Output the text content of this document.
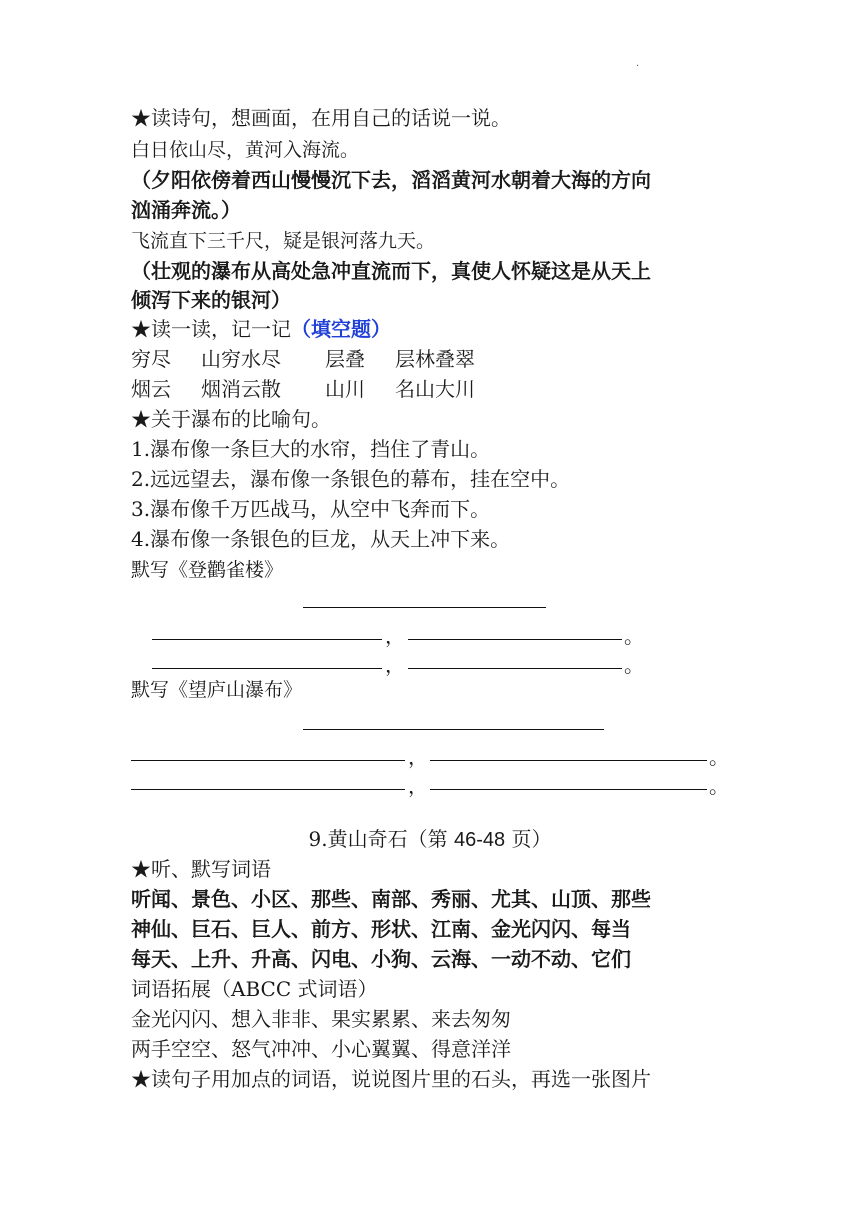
.
★读诗句，想画面，在用自己的话说一说。
白日依山尽，黄河入海流。
（夕阳依傍着西山慢慢沉下去，滔滔黄河水朝着大海的方向
汹涌奔流。）
飞流直下三千尺，疑是银河落九天。
（壮观的瀑布从高处急冲直流而下，真使人怀疑这是从天上
倾泻下来的银河）
★读一读，记一记（填空题）
穷尽 山穷水尽 层叠 层林叠翠
烟云 烟消云散 山川 名山大川
★关于瀑布的比喻句。
1.瀑布像一条巨大的水帘，挡住了青山。
2.远远望去，瀑布像一条银色的幕布，挂在空中。
3.瀑布像千万匹战马，从空中飞奔而下。
4.瀑布像一条银色的巨龙，从天上冲下来。
默写《登鹳雀楼》
，	。
，	。
默写《望庐山瀑布》
，	。
，	。
9.黄山奇石（第 46-48 页）
★听、默写词语
听闻、景色、小区、那些、南部、秀丽、尤其、山顶、那些
神仙、巨石、巨人、前方、形状、江南、金光闪闪、每当
每天、上升、升高、闪电、小狗、云海、一动不动、它们
词语拓展（ABCC 式词语）
金光闪闪、想入非非、果实累累、来去匆匆
两手空空、怒气冲冲、小心翼翼、得意洋洋
★读句子用加点的词语，说说图片里的石头，再选一张图片
